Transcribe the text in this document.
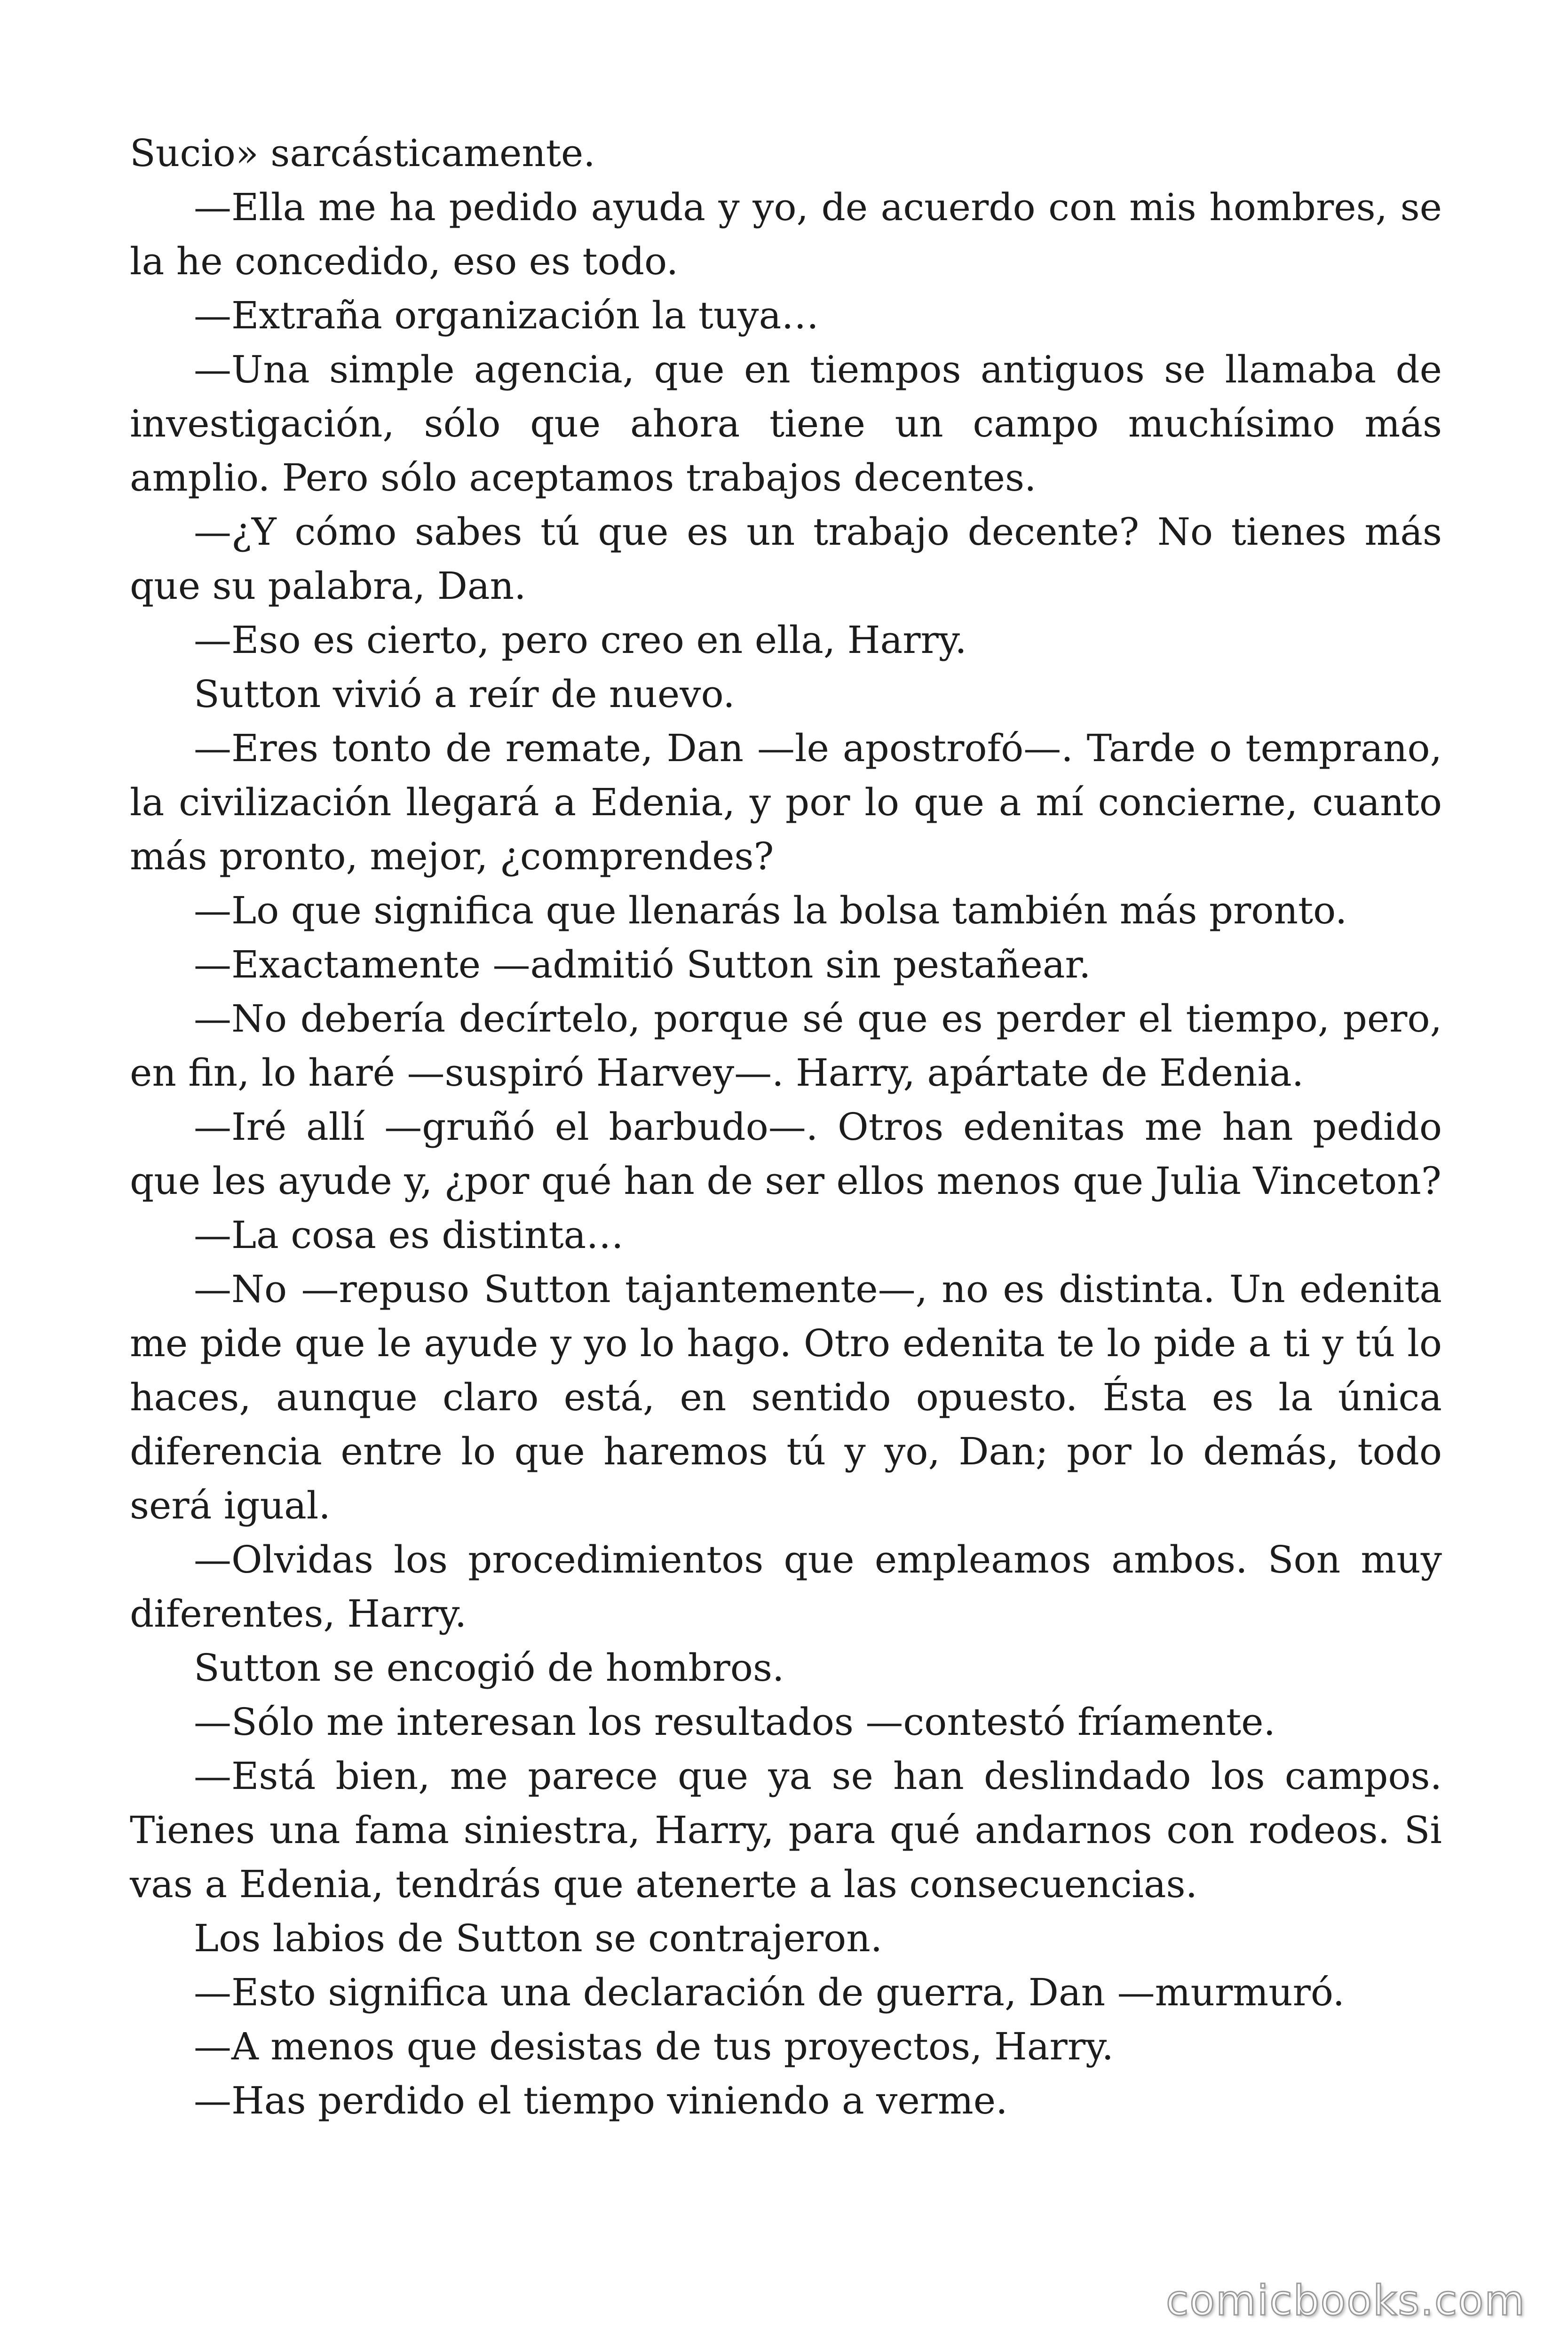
Sucio» sarcásticamente.

—Ella me ha pedido ayuda y yo, de acuerdo con mis hombres, se la he concedido, eso es todo.

—Extraña organización la tuya…

—Una simple agencia, que en tiempos antiguos se llamaba de investigación, sólo que ahora tiene un campo muchísimo más amplio. Pero sólo aceptamos trabajos decentes.

—¿Y cómo sabes tú que es un trabajo decente? No tienes más que su palabra, Dan.

—Eso es cierto, pero creo en ella, Harry.

Sutton vivió a reír de nuevo.

—Eres tonto de remate, Dan —le apostrofó—. Tarde o temprano, la civilización llegará a Edenia, y por lo que a mí concierne, cuanto más pronto, mejor, ¿comprendes?

—Lo que significa que llenarás la bolsa también más pronto.

—Exactamente —admitió Sutton sin pestañear.

—No debería decírtelo, porque sé que es perder el tiempo, pero, en fin, lo haré —suspiró Harvey—. Harry, apártate de Edenia.

—Iré allí —gruñó el barbudo—. Otros edenitas me han pedido que les ayude y, ¿por qué han de ser ellos menos que Julia Vinceton?

—La cosa es distinta…

—No —repuso Sutton tajantemente—, no es distinta. Un edenita me pide que le ayude y yo lo hago. Otro edenita te lo pide a ti y tú lo haces, aunque claro está, en sentido opuesto. Ésta es la única diferencia entre lo que haremos tú y yo, Dan; por lo demás, todo será igual.

—Olvidas los procedimientos que empleamos ambos. Son muy diferentes, Harry.

Sutton se encogió de hombros.

—Sólo me interesan los resultados —contestó fríamente.

—Está bien, me parece que ya se han deslindado los campos. Tienes una fama siniestra, Harry, para qué andarnos con rodeos. Si vas a Edenia, tendrás que atenerte a las consecuencias.

Los labios de Sutton se contrajeron.

—Esto significa una declaración de guerra, Dan —murmuró.

—A menos que desistas de tus proyectos, Harry.

—Has perdido el tiempo viniendo a verme.

comicbooks.com
